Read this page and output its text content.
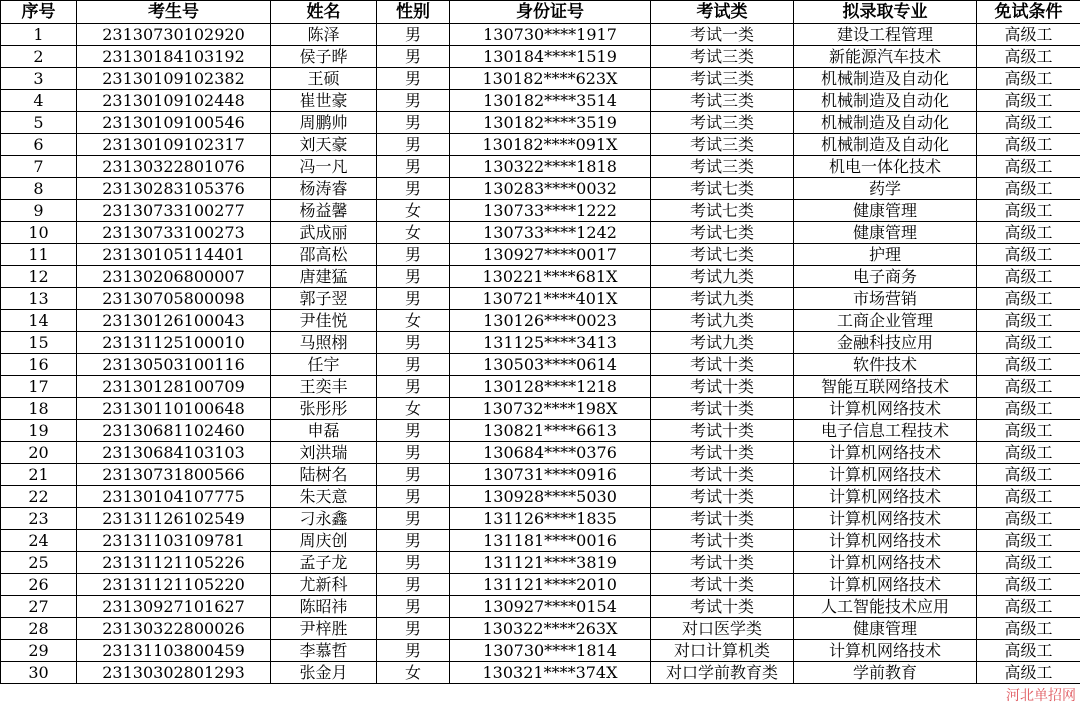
序号	考生号	姓名	性别	身份证号	考试类	拟录取专业	免试条件
1	23130730102920	陈泽	男	130730****1917	考试一类	建设工程管理	高级工
2	23130184103192	侯子晔	男	130184****1519	考试三类	新能源汽车技术	高级工
3	23130109102382	王硕	男	130182****623X	考试三类	机械制造及自动化	高级工
4	23130109102448	崔世豪	男	130182****3514	考试三类	机械制造及自动化	高级工
5	23130109100546	周鹏帅	男	130182****3519	考试三类	机械制造及自动化	高级工
6	23130109102317	刘天豪	男	130182****091X	考试三类	机械制造及自动化	高级工
7	23130322801076	冯一凡	男	130322****1818	考试三类	机电一体化技术	高级工
8	23130283105376	杨涛睿	男	130283****0032	考试七类	药学	高级工
9	23130733100277	杨益馨	女	130733****1222	考试七类	健康管理	高级工
10	23130733100273	武成丽	女	130733****1242	考试七类	健康管理	高级工
11	23130105114401	邵高松	男	130927****0017	考试七类	护理	高级工
12	23130206800007	唐建猛	男	130221****681X	考试九类	电子商务	高级工
13	23130705800098	郭子翌	男	130721****401X	考试九类	市场营销	高级工
14	23130126100043	尹佳悦	女	130126****0023	考试九类	工商企业管理	高级工
15	23131125100010	马照栩	男	131125****3413	考试九类	金融科技应用	高级工
16	23130503100116	任宇	男	130503****0614	考试十类	软件技术	高级工
17	23130128100709	王奕丰	男	130128****1218	考试十类	智能互联网络技术	高级工
18	23130110100648	张彤彤	女	130732****198X	考试十类	计算机网络技术	高级工
19	23130681102460	申磊	男	130821****6613	考试十类	电子信息工程技术	高级工
20	23130684103103	刘洪瑞	男	130684****0376	考试十类	计算机网络技术	高级工
21	23130731800566	陆树名	男	130731****0916	考试十类	计算机网络技术	高级工
22	23130104107775	朱天意	男	130928****5030	考试十类	计算机网络技术	高级工
23	23131126102549	刁永鑫	男	131126****1835	考试十类	计算机网络技术	高级工
24	23131103109781	周庆创	男	131181****0016	考试十类	计算机网络技术	高级工
25	23131121105226	孟子龙	男	131121****3819	考试十类	计算机网络技术	高级工
26	23131121105220	尤新科	男	131121****2010	考试十类	计算机网络技术	高级工
27	23130927101627	陈昭祎	男	130927****0154	考试十类	人工智能技术应用	高级工
28	23130322800026	尹梓胜	男	130322****263X	对口医学类	健康管理	高级工
29	23131103800459	李慕哲	男	130730****1814	对口计算机类	计算机网络技术	高级工
30	23130302801293	张金月	女	130321****374X	对口学前教育类	学前教育	高级工
河北单招网
